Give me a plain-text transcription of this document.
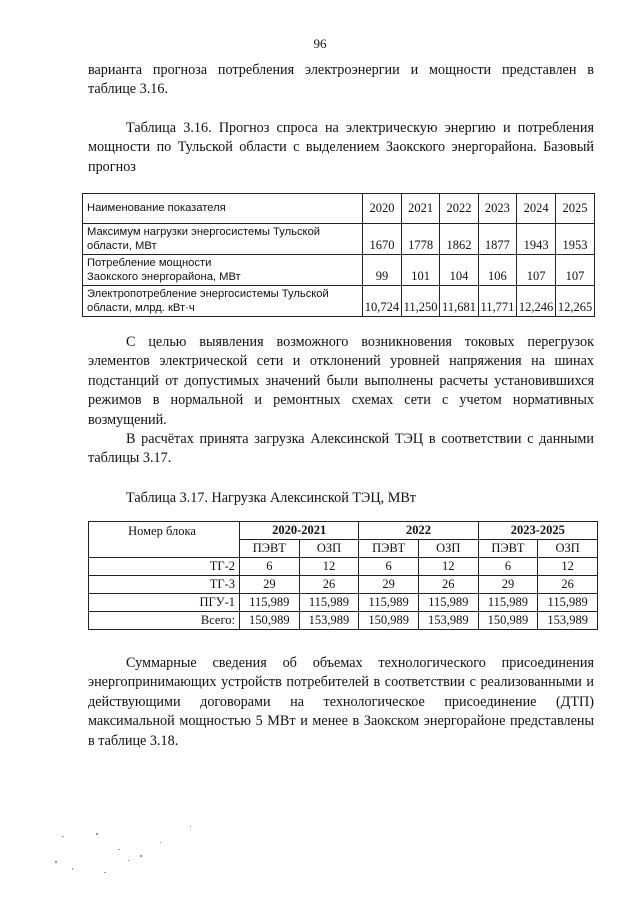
96
варианта прогноза потребления электроэнергии и мощности представлен в таблице 3.16.
Таблица 3.16. Прогноз спроса на электрическую энергию и потребления мощности по Тульской области с выделением Заокского энергорайона. Базовый прогноз
Наименование показателя	2020	2021	2022	2023	2024	2025
Максимум нагрузки энергосистемы Тульской
области, МВт	1670	1778	1862	1877	1943	1953
Потребление мощности
Заокского энергорайона, МВт	99	101	104	106	107	107
Электропотребление энергосистемы Тульской
области, млрд. кВт·ч	10,724	11,250	11,681	11,771	12,246	12,265
С целью выявления возможного возникновения токовых перегрузок элементов электрической сети и отклонений уровней напряжения на шинах подстанций от допустимых значений были выполнены расчеты установившихся режимов в нормальной и ремонтных схемах сети с учетом нормативных возмущений.
В расчётах принята загрузка Алексинской ТЭЦ в соответствии с данными таблицы 3.17.
Таблица 3.17. Нагрузка Алексинской ТЭЦ, МВт
Номер блока	2020-2021		2022		2023-2025	
	ПЭВТ	ОЗП	ПЭВТ	ОЗП	ПЭВТ	ОЗП
ТГ-2	6	12	6	12	6	12
ТГ-3	29	26	29	26	29	26
ПГУ-1	115,989	115,989	115,989	115,989	115,989	115,989
Всего:	150,989	153,989	150,989	153,989	150,989	153,989
Суммарные сведения об объемах технологического присоединения энергопринимающих устройств потребителей в соответствии с реализованными и действующими договорами на технологическое присоединение (ДТП) максимальной мощностью 5 МВт и менее в Заокском энергорайоне представлены в таблице 3.18.
